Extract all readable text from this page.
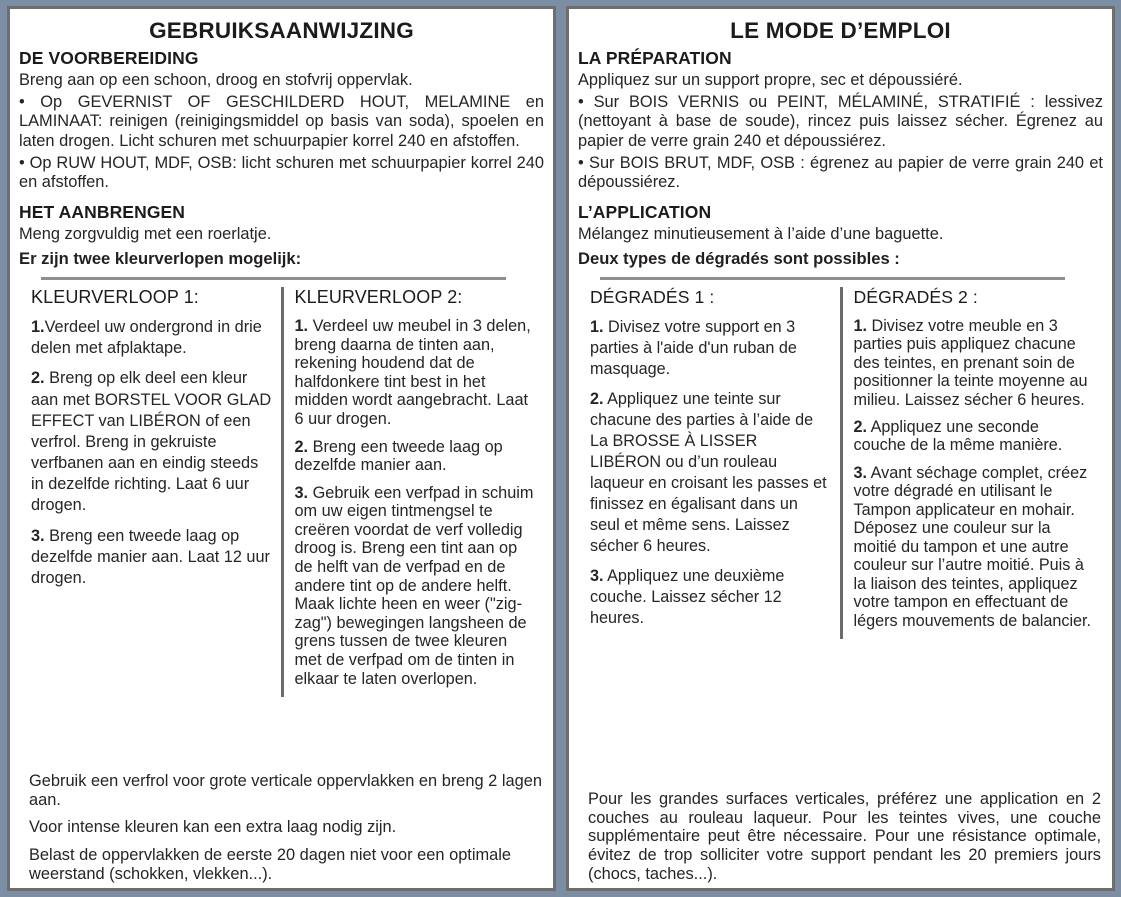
GEBRUIKSAANWIJZING
DE VOORBEREIDING

Breng aan op een schoon, droog en stofvrij oppervlak.

• Op GEVERNIST OF GESCHILDERD HOUT, MELAMINE en LAMINAAT: reinigen (reinigingsmiddel op basis van soda), spoelen en laten drogen. Licht schuren met schuurpapier korrel 240 en afstoffen.

• Op RUW HOUT, MDF, OSB: licht schuren met schuurpapier korrel 240 en afstoffen.

HET AANBRENGEN

Meng zorgvuldig met een roerlatje.

Er zijn twee kleurverlopen mogelijk:

KLEURVERLOOP 1:

1.Verdeel uw ondergrond in drie delen met afplaktape.

2. Breng op elk deel een kleur aan met BORSTEL VOOR GLAD EFFECT van LIBÉRON of een verfrol. Breng in gekruiste verfbanen aan en eindig steeds in dezelfde richting. Laat 6 uur drogen.

3. Breng een tweede laag op dezelfde manier aan. Laat 12 uur drogen.

KLEURVERLOOP 2:

1. Verdeel uw meubel in 3 delen, breng daarna de tinten aan, rekening houdend dat de halfdonkere tint best in het midden wordt aangebracht. Laat 6 uur drogen.

2. Breng een tweede laag op dezelfde manier aan.

3. Gebruik een verfpad in schuim om uw eigen tintmengsel te creëren voordat de verf volledig droog is. Breng een tint aan op de helft van de verfpad en de andere tint op de andere helft. Maak lichte heen en weer ("zig-zag") bewegingen langsheen de grens tussen de twee kleuren met de verfpad om de tinten in elkaar te laten overlopen.

Gebruik een verfrol voor grote verticale oppervlakken en breng 2 lagen aan.

Voor intense kleuren kan een extra laag nodig zijn.

Belast de oppervlakken de eerste 20 dagen niet voor een optimale weerstand (schokken, vlekken...).

LE MODE D’EMPLOI
LA PRÉPARATION

Appliquez sur un support propre, sec et dépoussiéré.

• Sur BOIS VERNIS ou PEINT, MÉLAMINÉ, STRATIFIÉ : lessivez (nettoyant à base de soude), rincez puis laissez sécher. Égrenez au papier de verre grain 240 et dépoussiérez.

• Sur BOIS BRUT, MDF, OSB : égrenez au papier de verre grain 240 et dépoussiérez.

L’APPLICATION

Mélangez minutieusement à l’aide d’une baguette.

Deux types de dégradés sont possibles :

DÉGRADÉS 1 :

1. Divisez votre support en 3 parties à l'aide d'un ruban de masquage.

2. Appliquez une teinte sur chacune des parties à l’aide de La BROSSE À LISSER LIBÉRON ou d’un rouleau laqueur en croisant les passes et finissez en égalisant dans un seul et même sens. Laissez sécher 6 heures.

3. Appliquez une deuxième couche. Laissez sécher 12 heures.

DÉGRADÉS 2 :

1. Divisez votre meuble en 3 parties puis appliquez chacune des teintes, en prenant soin de positionner la teinte moyenne au milieu. Laissez sécher 6 heures.

2. Appliquez une seconde couche de la même manière.

3. Avant séchage complet, créez votre dégradé en utilisant le Tampon applicateur en mohair. Déposez une couleur sur la moitié du tampon et une autre couleur sur l’autre moitié. Puis à la liaison des teintes, appliquez votre tampon en effectuant de légers mouvements de balancier.

Pour les grandes surfaces verticales, préférez une application en 2 couches au rouleau laqueur. Pour les teintes vives, une couche supplémentaire peut être nécessaire. Pour une résistance optimale, évitez de trop solliciter votre support pendant les 20 premiers jours (chocs, taches...).
